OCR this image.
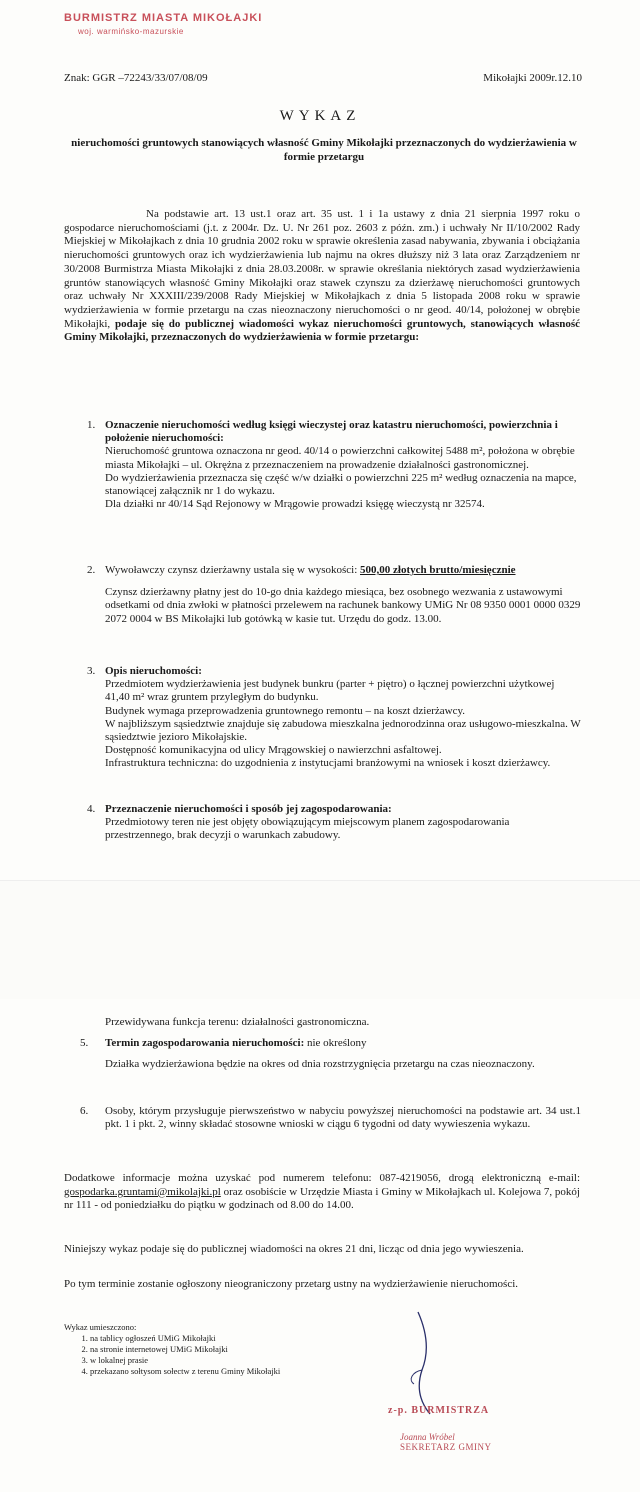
BURMISTRZ MIASTA MIKOŁAJKI
woj. warmińsko-mazurskie
Znak: GGR –72243/33/07/08/09	Mikołajki 2009r.12.10
WYKAZ
nieruchomości gruntowych stanowiących własność Gminy Mikołajki przeznaczonych do wydzierżawienia w formie przetargu
Na podstawie art. 13 ust.1 oraz art. 35 ust. 1 i 1a ustawy z dnia 21 sierpnia 1997 roku o gospodarce nieruchomościami (j.t. z 2004r. Dz. U. Nr 261 poz. 2603 z późn. zm.) i uchwały Nr II/10/2002 Rady Miejskiej w Mikołajkach z dnia 10 grudnia 2002 roku w sprawie określenia zasad nabywania, zbywania i obciążania nieruchomości gruntowych oraz ich wydzierżawienia lub najmu na okres dłuższy niż 3 lata oraz Zarządzeniem nr 30/2008 Burmistrza Miasta Mikołajki z dnia 28.03.2008r. w sprawie określania niektórych zasad wydzierżawienia gruntów stanowiących własność Gminy Mikołajki oraz stawek czynszu za dzierżawę nieruchomości gruntowych oraz uchwały Nr XXXIII/239/2008 Rady Miejskiej w Mikołajkach z dnia 5 listopada 2008 roku w sprawie wydzierżawienia w formie przetargu na czas nieoznaczony nieruchomości o nr geod. 40/14, położonej w obrębie Mikołajki, podaje się do publicznej wiadomości wykaz nieruchomości gruntowych, stanowiących własność Gminy Mikołajki, przeznaczonych do wydzierżawienia w formie przetargu:
1. Oznaczenie nieruchomości według księgi wieczystej oraz katastru nieruchomości, powierzchnia i położenie nieruchomości:

Nieruchomość gruntowa oznaczona nr geod. 40/14 o powierzchni całkowitej 5488 m², położona w obrębie miasta Mikołajki – ul. Okrężna z przeznaczeniem na prowadzenie działalności gastronomicznej.

Do wydzierżawienia przeznacza się część w/w działki o powierzchni 225 m² według oznaczenia na mapce, stanowiącej załącznik nr 1 do wykazu.

Dla działki nr 40/14 Sąd Rejonowy w Mrągowie prowadzi księgę wieczystą nr 32574.

2. Wywoławczy czynsz dzierżawny ustala się w wysokości: 500,00 złotych brutto/miesięcznie

Czynsz dzierżawny płatny jest do 10-go dnia każdego miesiąca, bez osobnego wezwania z ustawowymi odsetkami od dnia zwłoki w płatności przelewem na rachunek bankowy UMiG Nr 08 9350 0001 0000 0329 2072 0004 w BS Mikołajki lub gotówką w kasie tut. Urzędu do godz. 13.00.

3. Opis nieruchomości:

Przedmiotem wydzierżawienia jest budynek bunkru (parter + piętro) o łącznej powierzchni użytkowej 41,40 m² wraz gruntem przyległym do budynku.

Budynek wymaga przeprowadzenia gruntownego remontu – na koszt dzierżawcy.

W najbliższym sąsiedztwie znajduje się zabudowa mieszkalna jednorodzinna oraz usługowo-mieszkalna. W sąsiedztwie jezioro Mikołajskie.

Dostępność komunikacyjna od ulicy Mrągowskiej o nawierzchni asfaltowej.

Infrastruktura techniczna: do uzgodnienia z instytucjami branżowymi na wniosek i koszt dzierżawcy.

4. Przeznaczenie nieruchomości i sposób jej zagospodarowania:

Przedmiotowy teren nie jest objęty obowiązującym miejscowym planem zagospodarowania przestrzennego, brak decyzji o warunkach zabudowy.

Przewidywana funkcja terenu: działalności gastronomiczna.
5. Termin zagospodarowania nieruchomości: nie określony

Działka wydzierżawiona będzie na okres od dnia rozstrzygnięcia przetargu na czas nieoznaczony.

6. Osoby, którym przysługuje pierwszeństwo w nabyciu powyższej nieruchomości na podstawie art. 34 ust.1 pkt. 1 i pkt. 2, winny składać stosowne wnioski w ciągu 6 tygodni od daty wywieszenia wykazu.

Dodatkowe informacje można uzyskać pod numerem telefonu: 087-4219056, drogą elektroniczną e-mail: gospodarka.gruntami@mikolajki.pl oraz osobiście w Urzędzie Miasta i Gminy w Mikołajkach ul. Kolejowa 7, pokój nr 111 - od poniedziałku do piątku w godzinach od 8.00 do 14.00.
Niniejszy wykaz podaje się do publicznej wiadomości na okres 21 dni, licząc od dnia jego wywieszenia.
Po tym terminie zostanie ogłoszony nieograniczony przetarg ustny na wydzierżawienie nieruchomości.
Wykaz umieszczono:
1. na tablicy ogłoszeń UMiG Mikołajki
2. na stronie internetowej UMiG Mikołajki
3. w lokalnej prasie
4. przekazano sołtysom sołectw z terenu Gminy Mikołajki
z-p. BURMISTRZA
Joanna Wróbel
SEKRETARZ GMINY
